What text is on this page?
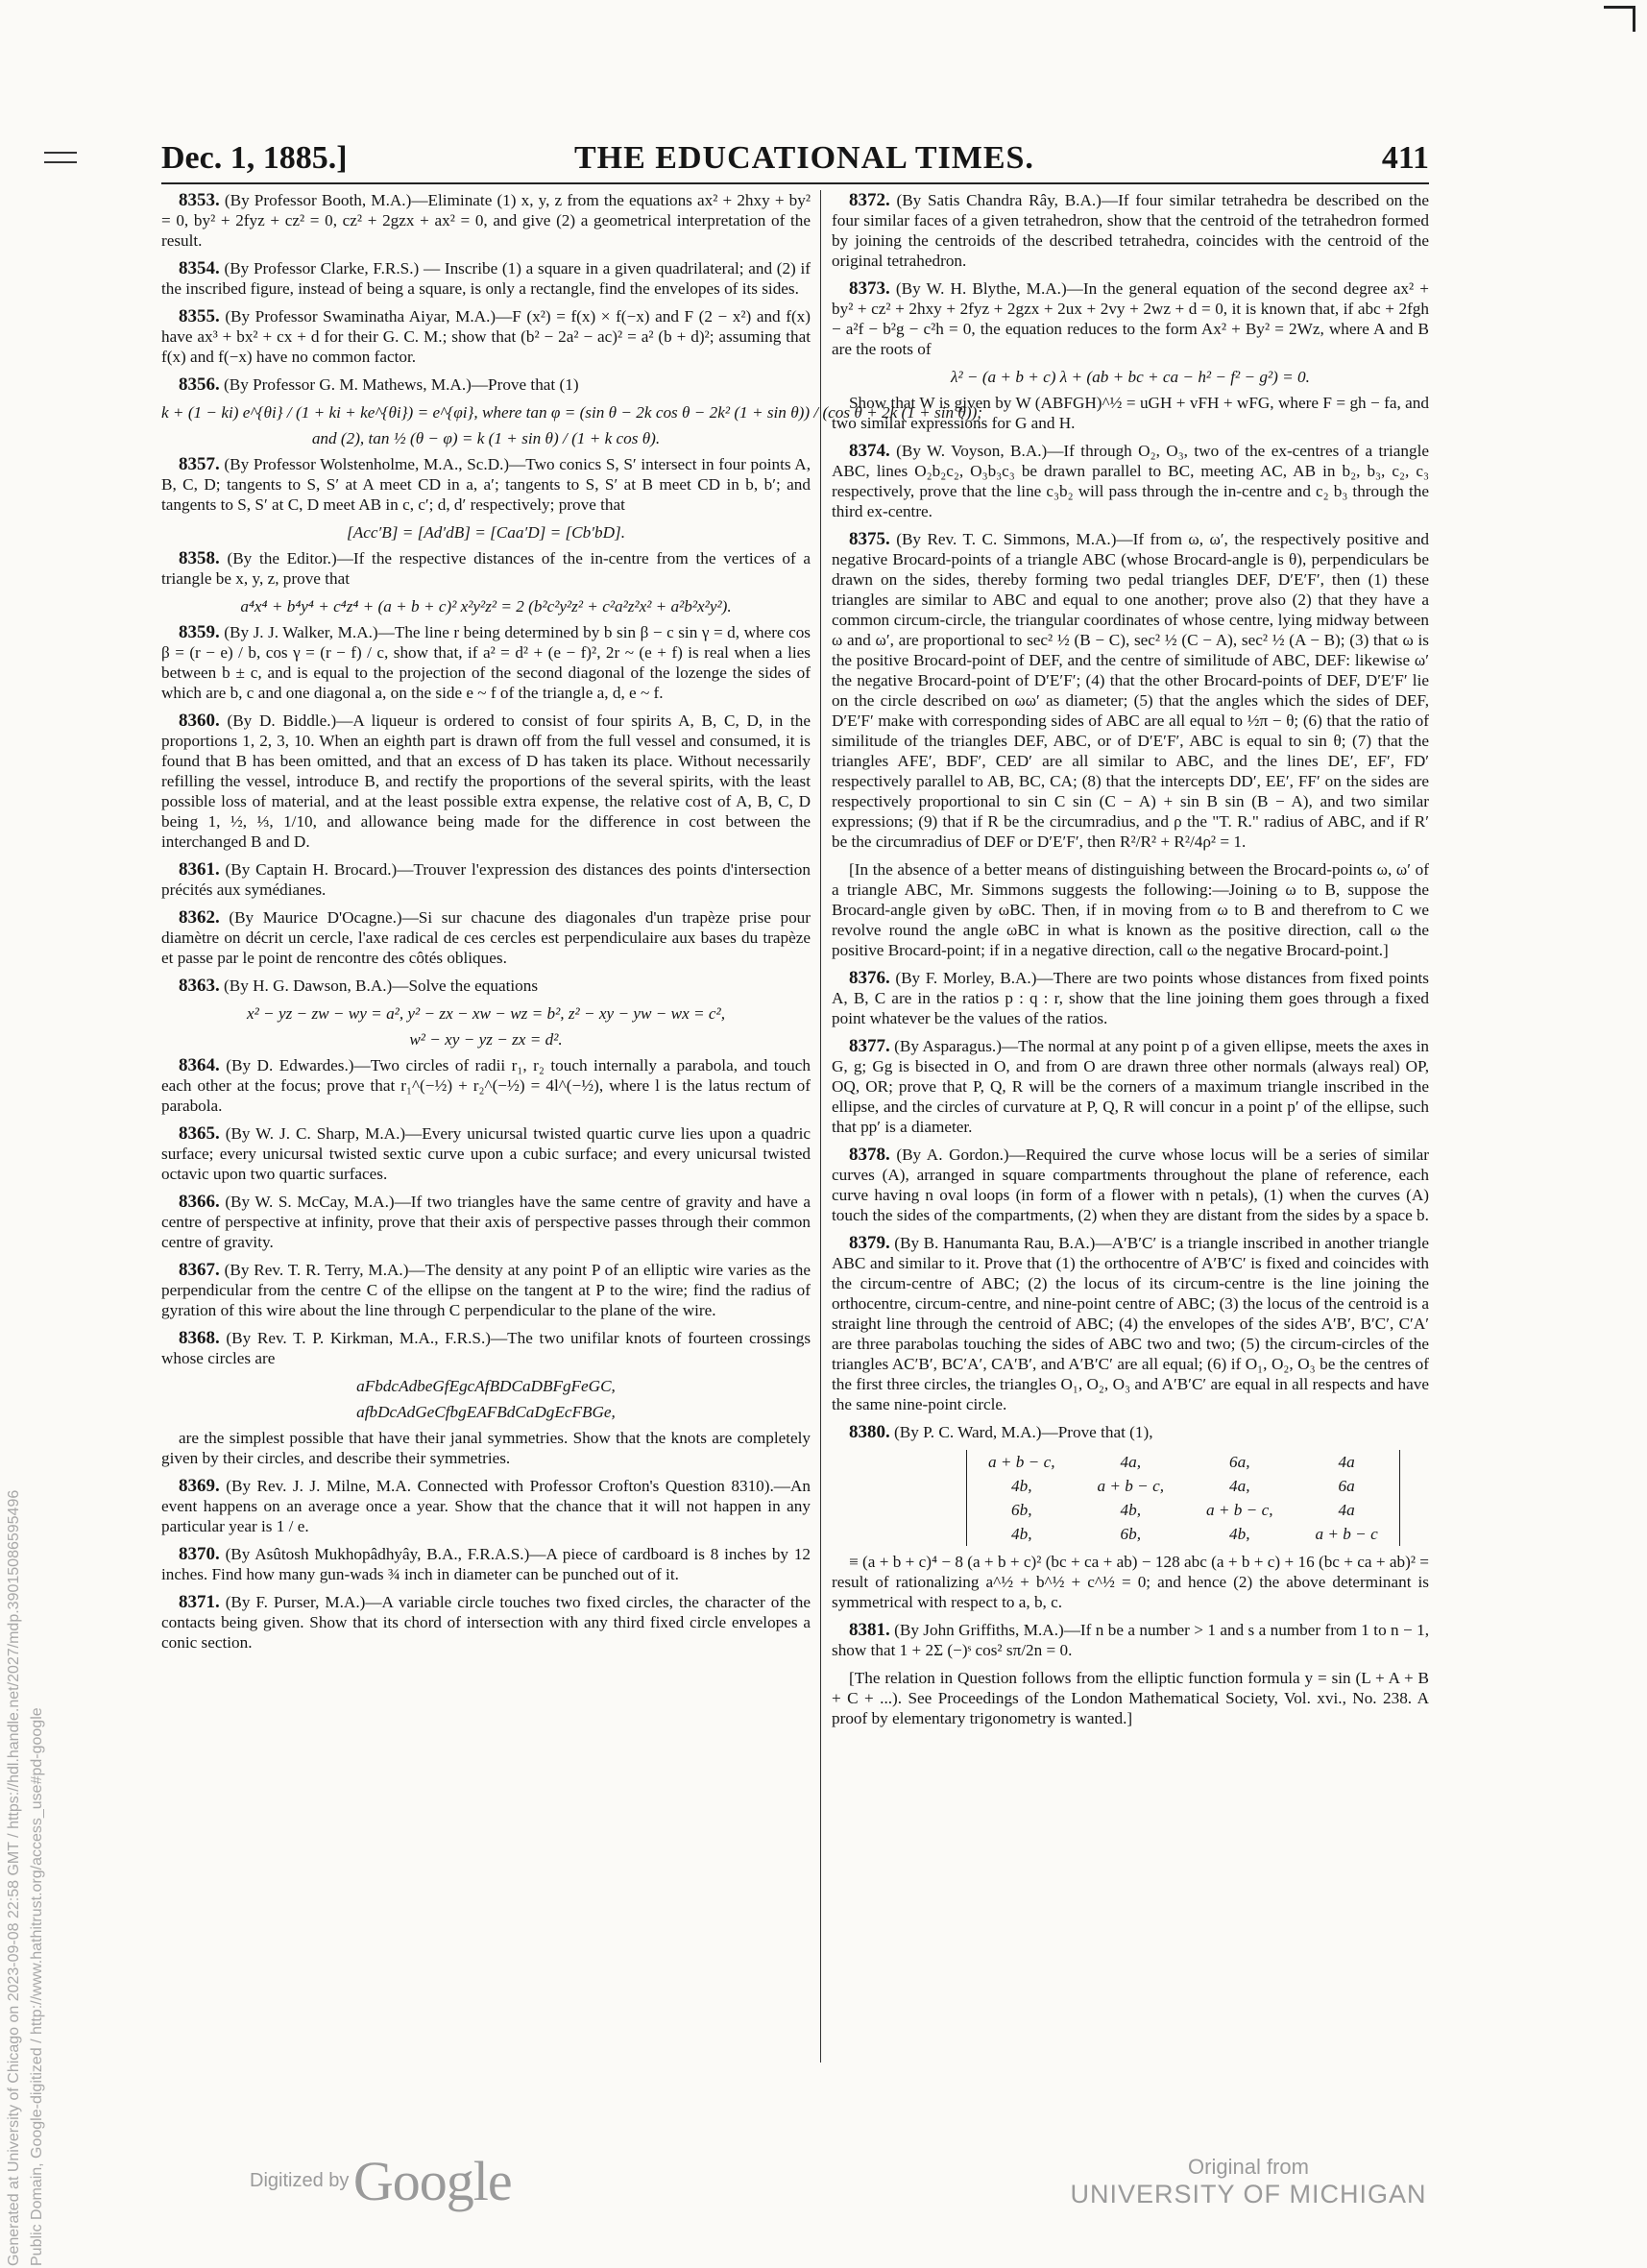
Generated at University of Chicago on 2023-09-08 22:58 GMT / https://hdl.handle.net/2027/mdp.39015086595496 Public Domain, Google-digitized / http://www.hathitrust.org/access_use#pd-google
Dec. 1, 1885.]	THE EDUCATIONAL TIMES.	411

8353. (By Professor Booth, M.A.)—Eliminate (1) x, y, z from the equations ax² + 2hxy + by² = 0, by² + 2fyz + cz² = 0, cz² + 2gzx + ax² = 0, and give (2) a geometrical interpretation of the result.

8354. (By Professor Clarke, F.R.S.) — Inscribe (1) a square in a given quadrilateral; and (2) if the inscribed figure, instead of being a square, is only a rectangle, find the envelopes of its sides.

8355. (By Professor Swaminatha Aiyar, M.A.)—F (x²) = f(x) × f(−x) and F (2 − x²) and f(x) have ax³ + bx² + cx + d for their G. C. M.; show that (b² − 2a² − ac)² = a² (b + d)²; assuming that f(x) and f(−x) have no common factor.

8356. (By Professor G. M. Mathews, M.A.)—Prove that (1)

k + (1 − ki) e^{θi} / (1 + ki + ke^{θi}) = e^{φi}, where tan φ = (sin θ − 2k cos θ − 2k² (1 + sin θ)) / (cos θ + 2k (1 + sin θ));
and (2), tan ½ (θ − φ) = k (1 + sin θ) / (1 + k cos θ).

8357. (By Professor Wolstenholme, M.A., Sc.D.)—Two conics S, S′ intersect in four points A, B, C, D; tangents to S, S′ at A meet CD in a, a′; tangents to S, S′ at B meet CD in b, b′; and tangents to S, S′ at C, D meet AB in c, c′; d, d′ respectively; prove that

[Acc′B] = [Ad′dB] = [Caa′D] = [Cb′bD].

8358. (By the Editor.)—If the respective distances of the in-centre from the vertices of a triangle be x, y, z, prove that

a⁴x⁴ + b⁴y⁴ + c⁴z⁴ + (a + b + c)² x²y²z² = 2 (b²c²y²z² + c²a²z²x² + a²b²x²y²).

8359. (By J. J. Walker, M.A.)—The line r being determined by b sin β − c sin γ = d, where cos β = (r − e) / b, cos γ = (r − f) / c, show that, if a² = d² + (e − f)², 2r ~ (e + f) is real when a lies between b ± c, and is equal to the projection of the second diagonal of the lozenge the sides of which are b, c and one diagonal a, on the side e ~ f of the triangle a, d, e ~ f.

8360. (By D. Biddle.)—A liqueur is ordered to consist of four spirits A, B, C, D, in the proportions 1, 2, 3, 10. When an eighth part is drawn off from the full vessel and consumed, it is found that B has been omitted, and that an excess of D has taken its place. Without necessarily refilling the vessel, introduce B, and rectify the proportions of the several spirits, with the least possible loss of material, and at the least possible extra expense, the relative cost of A, B, C, D being 1, ½, ⅓, 1/10, and allowance being made for the difference in cost between the interchanged B and D.

8361. (By Captain H. Brocard.)—Trouver l'expression des distances des points d'intersection précités aux symédianes.

8362. (By Maurice D'Ocagne.)—Si sur chacune des diagonales d'un trapèze prise pour diamètre on décrit un cercle, l'axe radical de ces cercles est perpendiculaire aux bases du trapèze et passe par le point de rencontre des côtés obliques.

8363. (By H. G. Dawson, B.A.)—Solve the equations

x² − yz − zw − wy = a², y² − zx − xw − wz = b², z² − xy − yw − wx = c²,
w² − xy − yz − zx = d².

8364. (By D. Edwardes.)—Two circles of radii r₁, r₂ touch internally a parabola, and touch each other at the focus; prove that r₁^(−½) + r₂^(−½) = 4l^(−½), where l is the latus rectum of parabola.

8365. (By W. J. C. Sharp, M.A.)—Every unicursal twisted quartic curve lies upon a quadric surface; every unicursal twisted sextic curve upon a cubic surface; and every unicursal twisted octavic upon two quartic surfaces.

8366. (By W. S. McCay, M.A.)—If two triangles have the same centre of gravity and have a centre of perspective at infinity, prove that their axis of perspective passes through their common centre of gravity.

8367. (By Rev. T. R. Terry, M.A.)—The density at any point P of an elliptic wire varies as the perpendicular from the centre C of the ellipse on the tangent at P to the wire; find the radius of gyration of this wire about the line through C perpendicular to the plane of the wire.

8368. (By Rev. T. P. Kirkman, M.A., F.R.S.)—The two unifilar knots of fourteen crossings whose circles are

aFbdcAdbeGfEgcAfBDCaDBFgFeGC,
afbDcAdGeCfbgEAFBdCaDgEcFBGe,

are the simplest possible that have their janal symmetries. Show that the knots are completely given by their circles, and describe their symmetries.

8369. (By Rev. J. J. Milne, M.A. Connected with Professor Crofton's Question 8310).—An event happens on an average once a year. Show that the chance that it will not happen in any particular year is 1 / e.

8370. (By Asûtosh Mukhopâdhyây, B.A., F.R.A.S.)—A piece of cardboard is 8 inches by 12 inches. Find how many gun-wads ¾ inch in diameter can be punched out of it.

8371. (By F. Purser, M.A.)—A variable circle touches two fixed circles, the character of the contacts being given. Show that its chord of intersection with any third fixed circle envelopes a conic section.

8372. (By Satis Chandra Rây, B.A.)—If four similar tetrahedra be described on the four similar faces of a given tetrahedron, show that the centroid of the tetrahedron formed by joining the centroids of the described tetrahedra, coincides with the centroid of the original tetrahedron.

8373. (By W. H. Blythe, M.A.)—In the general equation of the second degree ax² + by² + cz² + 2hxy + 2fyz + 2gzx + 2ux + 2vy + 2wz + d = 0, it is known that, if abc + 2fgh − a²f − b²g − c²h = 0, the equation reduces to the form Ax² + By² = 2Wz, where A and B are the roots of

λ² − (a + b + c) λ + (ab + bc + ca − h² − f² − g²) = 0.

Show that W is given by W (ABFGH)^½ = uGH + vFH + wFG, where F = gh − fa, and two similar expressions for G and H.

8374. (By W. Voyson, B.A.)—If through O₂, O₃, two of the ex-centres of a triangle ABC, lines O₂b₂c₂, O₃b₃c₃ be drawn parallel to BC, meeting AC, AB in b₂, b₃, c₂, c₃ respectively, prove that the line c₃b₂ will pass through the in-centre and c₂ b₃ through the third ex-centre.

8375. (By Rev. T. C. Simmons, M.A.)—If from ω, ω′, the respectively positive and negative Brocard-points of a triangle ABC (whose Brocard-angle is θ), perpendiculars be drawn on the sides, thereby forming two pedal triangles DEF, D′E′F′, then (1) these triangles are similar to ABC and equal to one another; prove also (2) that they have a common circum-circle, the triangular coordinates of whose centre, lying midway between ω and ω′, are proportional to sec² ½ (B − C), sec² ½ (C − A), sec² ½ (A − B); (3) that ω is the positive Brocard-point of DEF, and the centre of similitude of ABC, DEF: likewise ω′ the negative Brocard-point of D′E′F′; (4) that the other Brocard-points of DEF, D′E′F′ lie on the circle described on ωω′ as diameter; (5) that the angles which the sides of DEF, D′E′F′ make with corresponding sides of ABC are all equal to ½π − θ; (6) that the ratio of similitude of the triangles DEF, ABC, or of D′E′F′, ABC is equal to sin θ; (7) that the triangles AFE′, BDF′, CED′ are all similar to ABC, and the lines DE′, EF′, FD′ respectively parallel to AB, BC, CA; (8) that the intercepts DD′, EE′, FF′ on the sides are respectively proportional to sin C sin (C − A) + sin B sin (B − A), and two similar expressions; (9) that if R be the circumradius, and ρ the "T. R." radius of ABC, and if R′ be the circumradius of DEF or D′E′F′, then R²/R² + R²/4ρ² = 1.

[In the absence of a better means of distinguishing between the Brocard-points ω, ω′ of a triangle ABC, Mr. Simmons suggests the following:—Joining ω to B, suppose the Brocard-angle given by ωBC. Then, if in moving from ω to B and therefrom to C we revolve round the angle ωBC in what is known as the positive direction, call ω the positive Brocard-point; if in a negative direction, call ω the negative Brocard-point.]

8376. (By F. Morley, B.A.)—There are two points whose distances from fixed points A, B, C are in the ratios p : q : r, show that the line joining them goes through a fixed point whatever be the values of the ratios.

8377. (By Asparagus.)—The normal at any point p of a given ellipse, meets the axes in G, g; Gg is bisected in O, and from O are drawn three other normals (always real) OP, OQ, OR; prove that P, Q, R will be the corners of a maximum triangle inscribed in the ellipse, and the circles of curvature at P, Q, R will concur in a point p′ of the ellipse, such that pp′ is a diameter.

8378. (By A. Gordon.)—Required the curve whose locus will be a series of similar curves (A), arranged in square compartments throughout the plane of reference, each curve having n oval loops (in form of a flower with n petals), (1) when the curves (A) touch the sides of the compartments, (2) when they are distant from the sides by a space b.

8379. (By B. Hanumanta Rau, B.A.)—A′B′C′ is a triangle inscribed in another triangle ABC and similar to it. Prove that (1) the orthocentre of A′B′C′ is fixed and coincides with the circum-centre of ABC; (2) the locus of its circum-centre is the line joining the orthocentre, circum-centre, and nine-point centre of ABC; (3) the locus of the centroid is a straight line through the centroid of ABC; (4) the envelopes of the sides A′B′, B′C′, C′A′ are three parabolas touching the sides of ABC two and two; (5) the circum-circles of the triangles AC′B′, BC′A′, CA′B′, and A′B′C′ are all equal; (6) if O₁, O₂, O₃ be the centres of the first three circles, the triangles O₁, O₂, O₃ and A′B′C′ are equal in all respects and have the same nine-point circle.

8380. (By P. C. Ward, M.A.)—Prove that (1),

a + b − c,	4a,	6a,	4a
4b,	a + b − c,	4a,	6a
6b,	4b,	a + b − c,	4a
4b,	6b,	4b,	a + b − c

≡ (a + b + c)⁴ − 8 (a + b + c)² (bc + ca + ab) − 128 abc (a + b + c) + 16 (bc + ca + ab)² = result of rationalizing a^½ + b^½ + c^½ = 0; and hence (2) the above determinant is symmetrical with respect to a, b, c.

8381. (By John Griffiths, M.A.)—If n be a number > 1 and s a number from 1 to n − 1, show that 1 + 2Σ (−)ˢ cos² sπ/2n = 0.

[The relation in Question follows from the elliptic function formula y = sin (L + A + B + C + ...). See Proceedings of the London Mathematical Society, Vol. xvi., No. 238. A proof by elementary trigonometry is wanted.]

Digitized by Google	Original from
UNIVERSITY OF MICHIGAN
